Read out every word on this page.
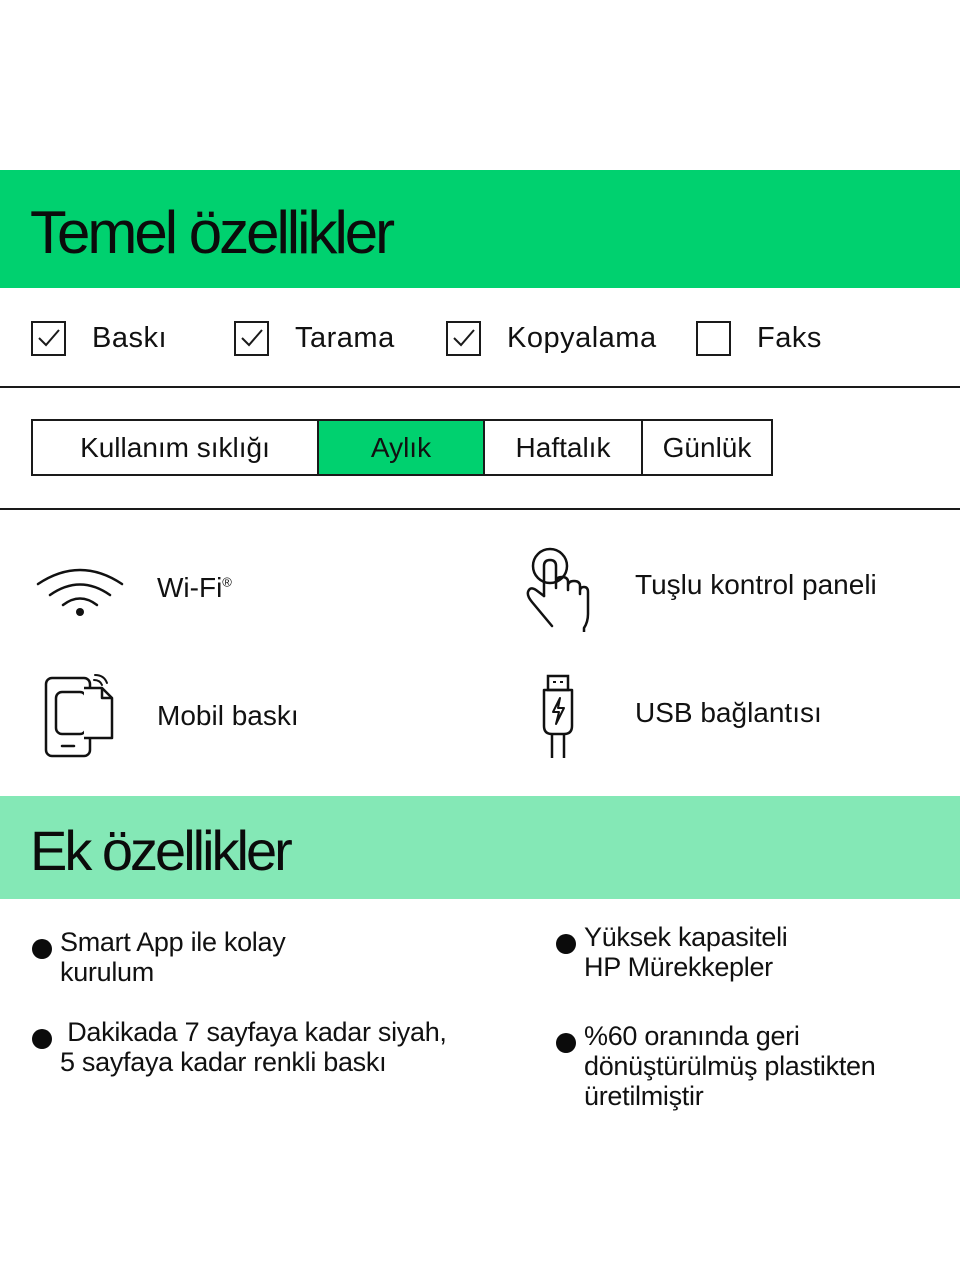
Temel özellikler
Baskı	Tarama	Kopyalama	Faks
Kullanım sıklığı	Aylık	Haftalık	Günlük
Wi-Fi®	Tuşlu kontrol paneli
Mobil baskı	USB bağlantısı
Ek özellikler
Smart App ile kolay
kurulum
Yüksek kapasiteli
HP Mürekkepler
Dakikada 7 sayfaya kadar siyah,
5 sayfaya kadar renkli baskı
%60 oranında geri
dönüştürülmüş plastikten
üretilmiştir
